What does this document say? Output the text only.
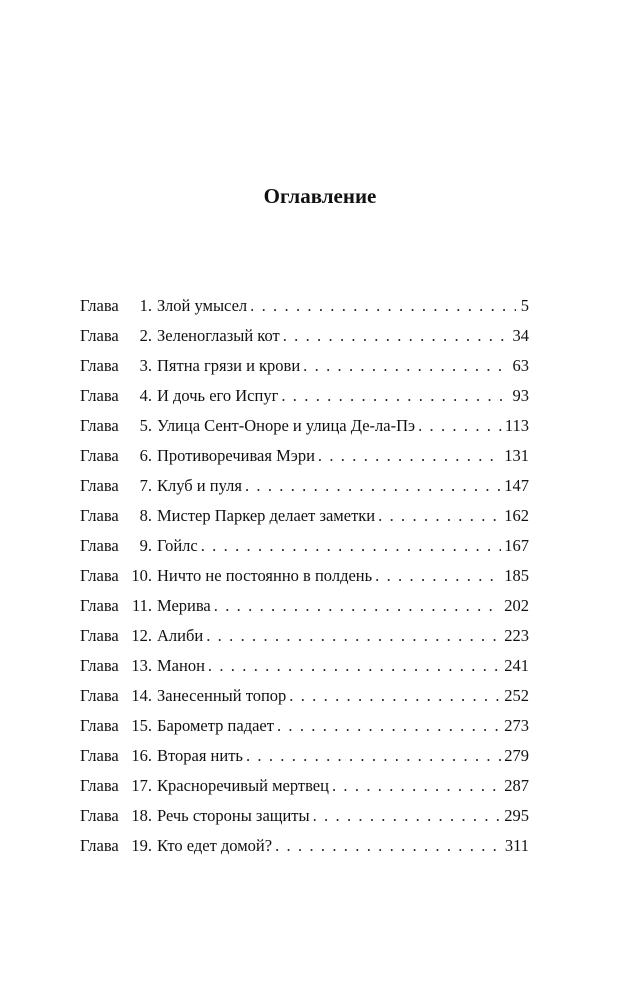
Оглавление
Глава	1. Злой умысел . . .	5
Глава	2. Зеленоглазый кот . . .	34
Глава	3. Пятна грязи и крови . . .	63
Глава	4. И дочь его Испуг . . .	93
Глава	5. Улица Сент-Оноре и улица Де-ла-Пэ . . .	113
Глава	6. Противоречивая Мэри . . .	131
Глава	7. Клуб и пуля . . .	147
Глава	8. Мистер Паркер делает заметки . . .	162
Глава	9. Гойлс . . .	167
Глава 10. Ничто не постоянно в полдень . . .	185
Глава 11. Мерива . . .	202
Глава 12. Алиби . . .	223
Глава 13. Манон . . .	241
Глава 14. Занесенный топор . . .	252
Глава 15. Барометр падает . . .	273
Глава 16. Вторая нить . . .	279
Глава 17. Красноречивый мертвец . . .	287
Глава 18. Речь стороны защиты . . .	295
Глава 19. Кто едет домой? . . .	311
